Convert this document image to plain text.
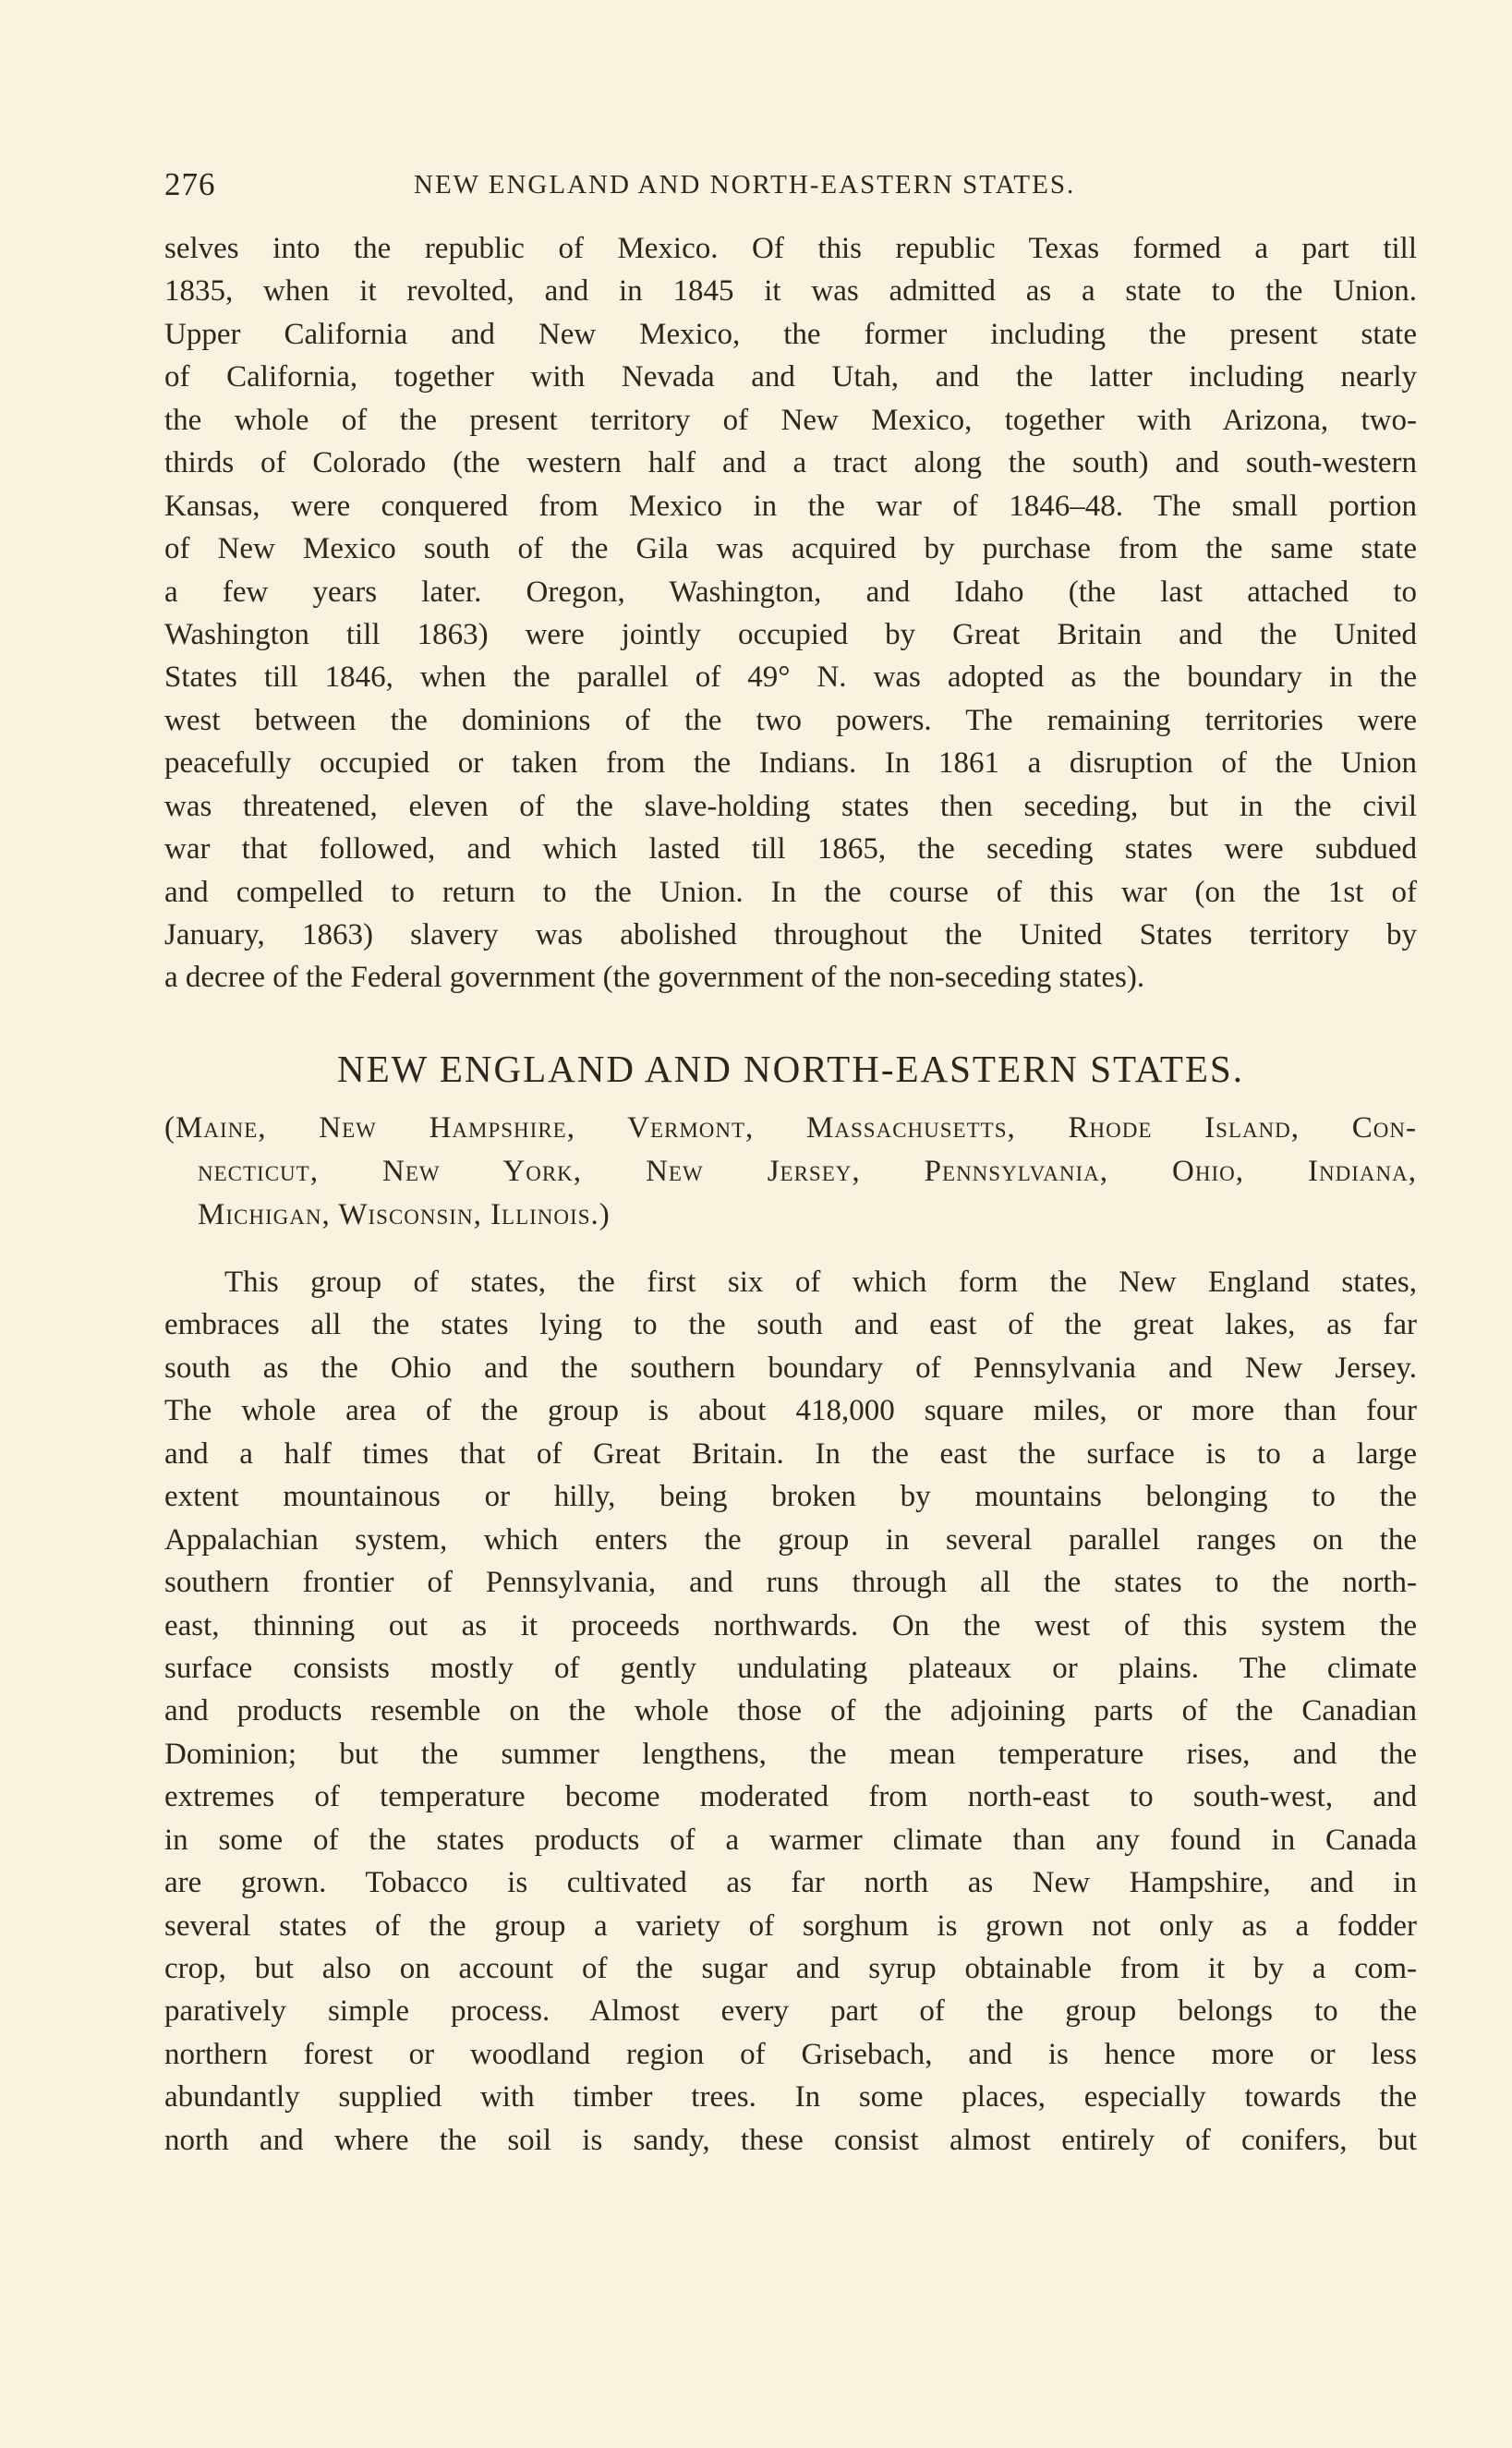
276	NEW ENGLAND AND NORTH-EASTERN STATES.
selves into the republic of Mexico. Of this republic Texas formed a part till
1835, when it revolted, and in 1845 it was admitted as a state to the Union.
Upper California and New Mexico, the former including the present state
of California, together with Nevada and Utah, and the latter including nearly
the whole of the present territory of New Mexico, together with Arizona, two-
thirds of Colorado (the western half and a tract along the south) and south-western
Kansas, were conquered from Mexico in the war of 1846–48. The small portion
of New Mexico south of the Gila was acquired by purchase from the same state
a few years later. Oregon, Washington, and Idaho (the last attached to
Washington till 1863) were jointly occupied by Great Britain and the United
States till 1846, when the parallel of 49° N. was adopted as the boundary in the
west between the dominions of the two powers. The remaining territories were
peacefully occupied or taken from the Indians. In 1861 a disruption of the Union
was threatened, eleven of the slave-holding states then seceding, but in the civil
war that followed, and which lasted till 1865, the seceding states were subdued
and compelled to return to the Union. In the course of this war (on the 1st of
January, 1863) slavery was abolished throughout the United States territory by
a decree of the Federal government (the government of the non-seceding states).
NEW ENGLAND AND NORTH-EASTERN STATES.
(Maine, New Hampshire, Vermont, Massachusetts, Rhode Island, Con-
necticut, New York, New Jersey, Pennsylvania, Ohio, Indiana,
Michigan, Wisconsin, Illinois.)
This group of states, the first six of which form the New England states,
embraces all the states lying to the south and east of the great lakes, as far
south as the Ohio and the southern boundary of Pennsylvania and New Jersey.
The whole area of the group is about 418,000 square miles, or more than four
and a half times that of Great Britain. In the east the surface is to a large
extent mountainous or hilly, being broken by mountains belonging to the
Appalachian system, which enters the group in several parallel ranges on the
southern frontier of Pennsylvania, and runs through all the states to the north-
east, thinning out as it proceeds northwards. On the west of this system the
surface consists mostly of gently undulating plateaux or plains. The climate
and products resemble on the whole those of the adjoining parts of the Canadian
Dominion; but the summer lengthens, the mean temperature rises, and the
extremes of temperature become moderated from north-east to south-west, and
in some of the states products of a warmer climate than any found in Canada
are grown. Tobacco is cultivated as far north as New Hampshire, and in
several states of the group a variety of sorghum is grown not only as a fodder
crop, but also on account of the sugar and syrup obtainable from it by a com-
paratively simple process. Almost every part of the group belongs to the
northern forest or woodland region of Grisebach, and is hence more or less
abundantly supplied with timber trees. In some places, especially towards the
north and where the soil is sandy, these consist almost entirely of conifers, but
